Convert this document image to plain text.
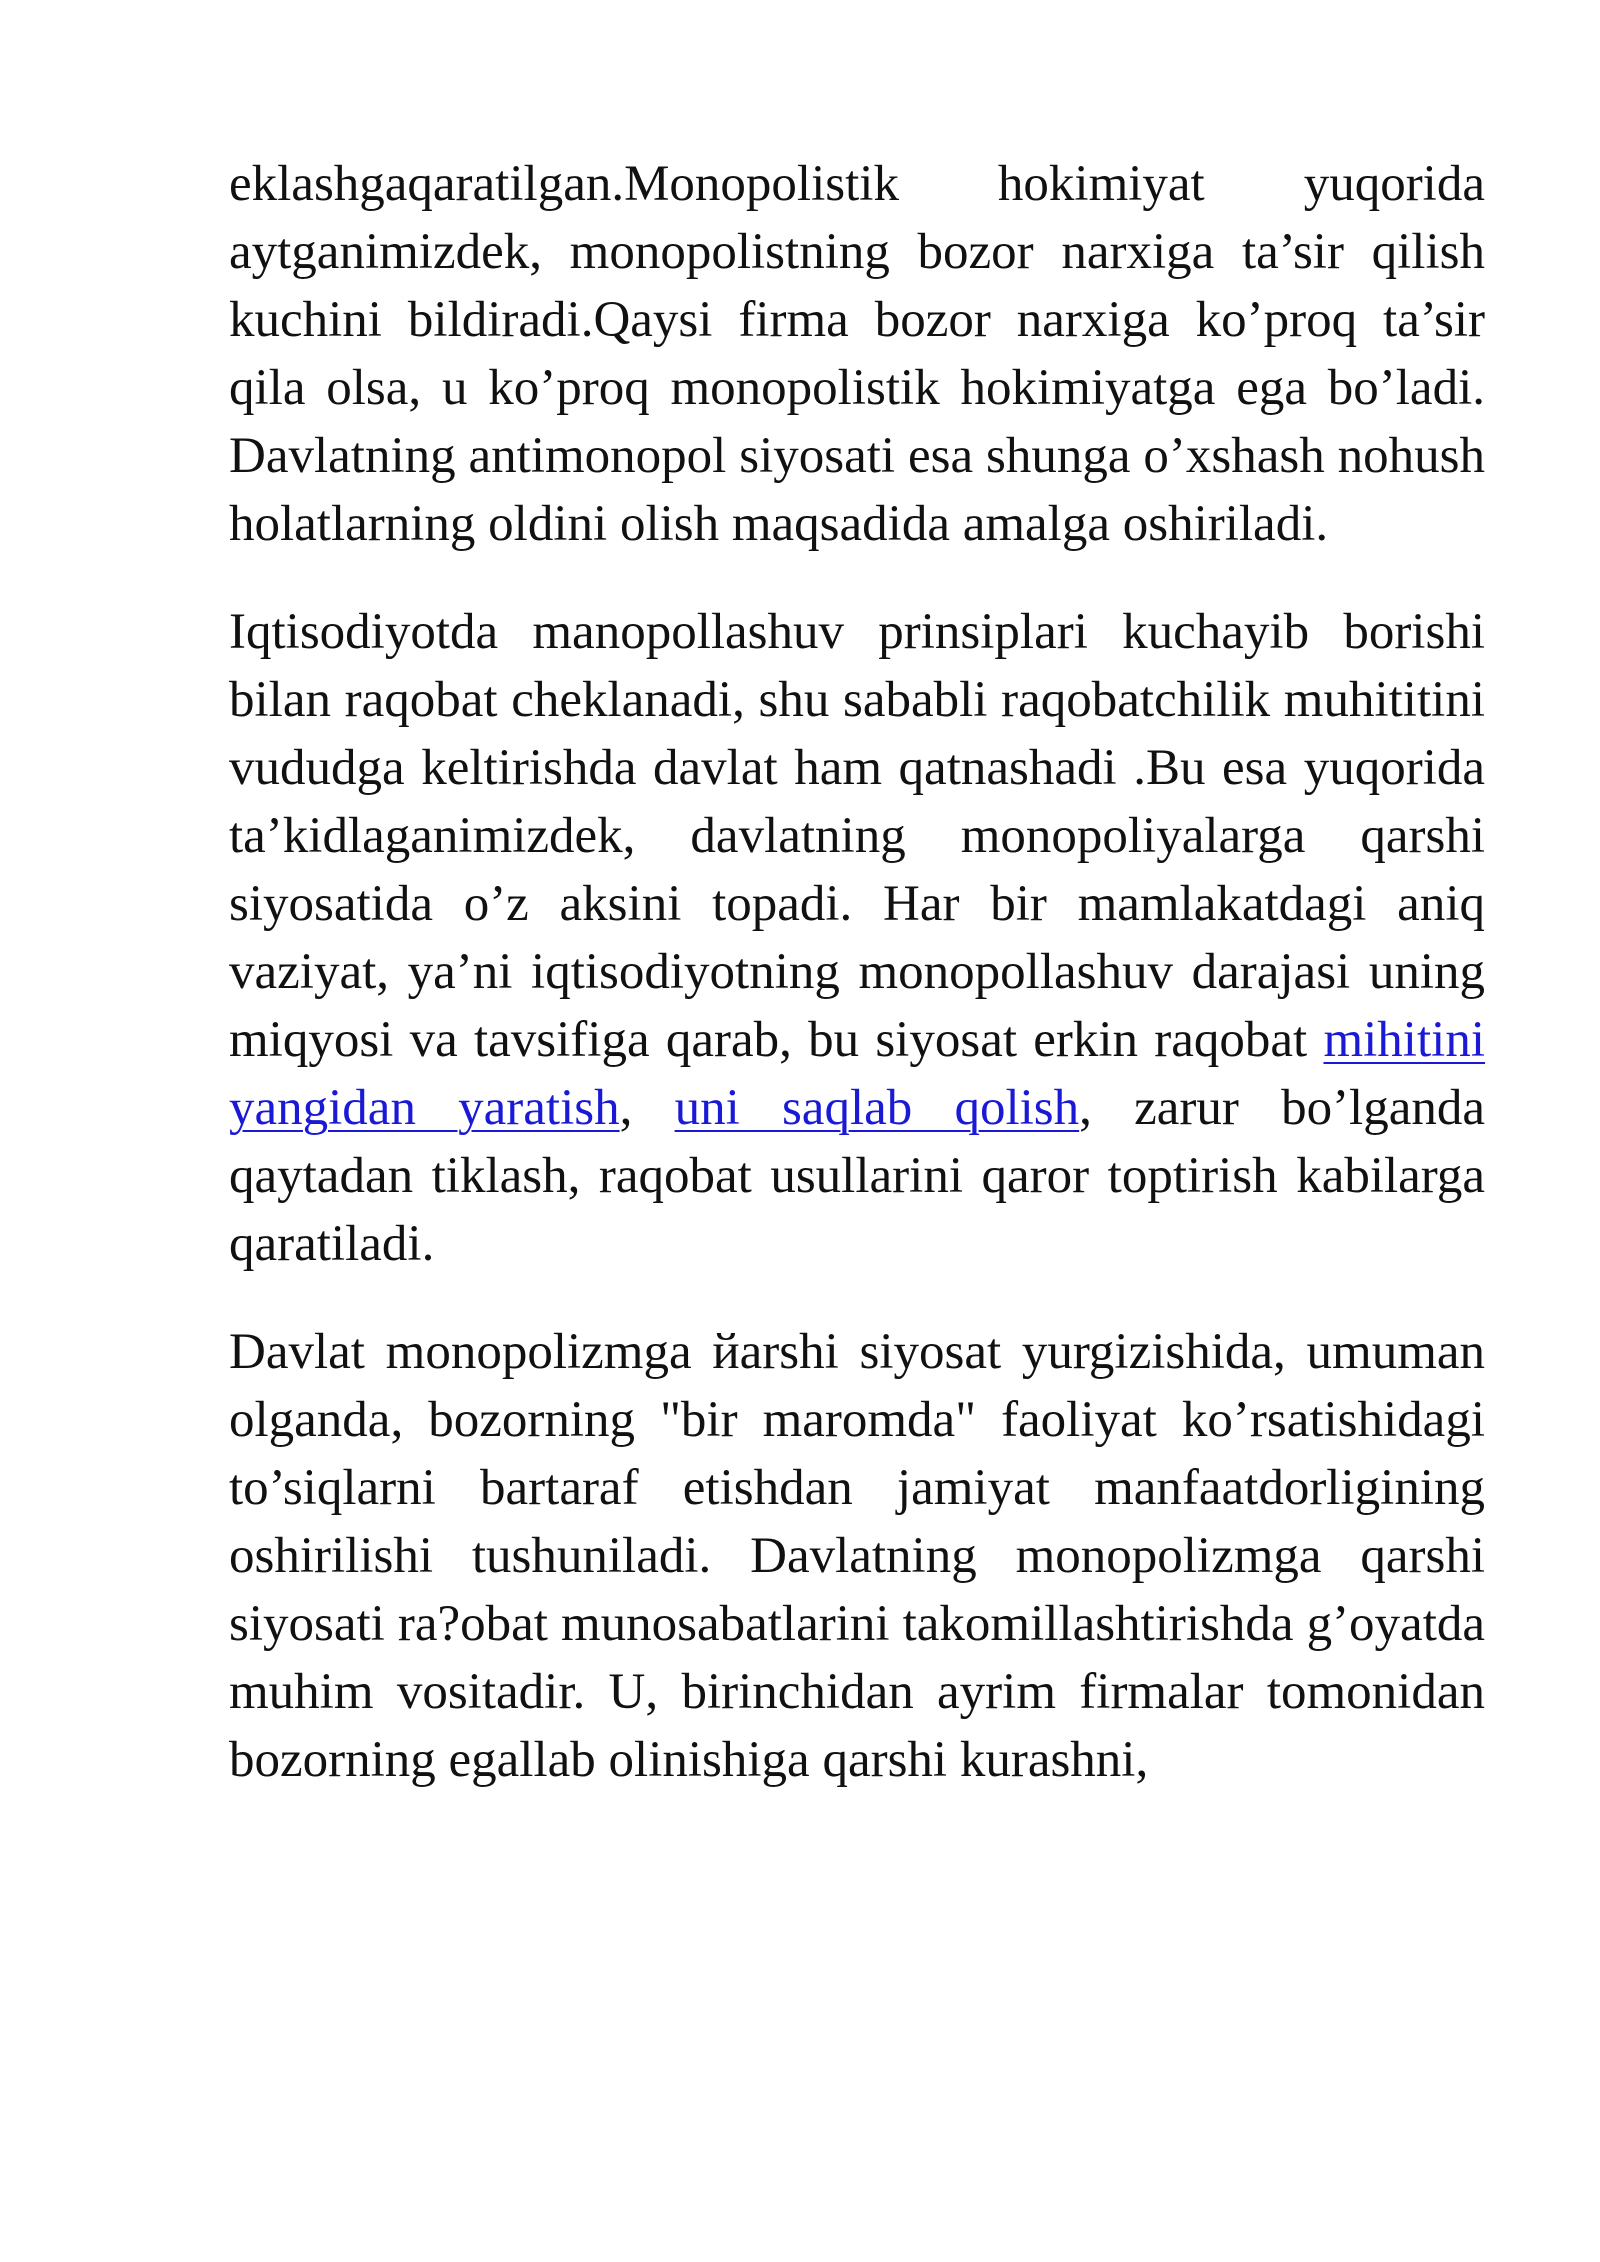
eklashgaqaratilgan.Monopolistik hokimiyat yuqorida aytganimizdek, monopolistning bozor narxiga ta’sir qilish kuchini bildiradi.Qaysi firma bozor narxiga ko’proq ta’sir qila olsa, u ko’proq monopolistik hokimiyatga ega bo’ladi. Davlatning antimonopol siyosati esa shunga o’xshash nohush holatlarning oldini olish maqsadida amalga oshiriladi.

Iqtisodiyotda manopollashuv prinsiplari kuchayib borishi bilan raqobat cheklanadi, shu sababli raqobatchilik muhititini vududga keltirishda davlat ham qatnashadi .Bu esa yuqorida ta’kidlaganimizdek, davlatning monopoliyalarga qarshi siyosatida o’z aksini topadi. Har bir mamlakatdagi aniq vaziyat, ya’ni iqtisodiyotning monopollashuv darajasi uning miqyosi va tavsifiga qarab, bu siyosat erkin raqobat mihitini yangidan yaratish, uni saqlab qolish, zarur bo’lganda qaytadan tiklash, raqobat usullarini qaror toptirish kabilarga qaratiladi.

Davlat monopolizmga йarshi siyosat yurgizishida, umuman olganda, bozorning "bir maromda" faoliyat ko’rsatishidagi to’siqlarni bartaraf etishdan jamiyat manfaatdorligining oshirilishi tushuniladi. Davlatning monopolizmga qarshi siyosati ra?obat munosabatlarini takomillashtirishda g’oyatda muhim vositadir. U, birinchidan ayrim firmalar tomonidan bozorning egallab olinishiga qarshi kurashni,
